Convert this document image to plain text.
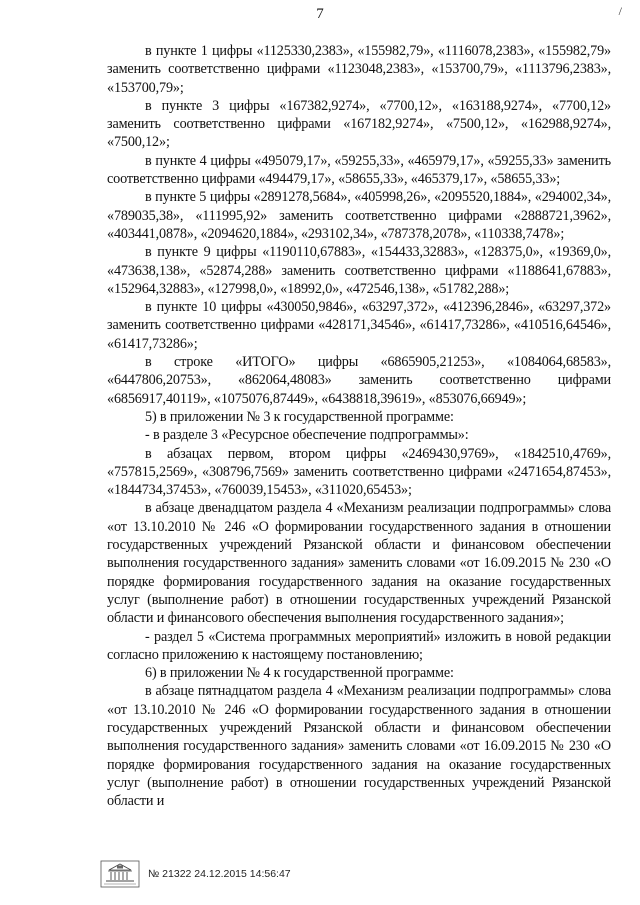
7	/

в пункте 1 цифры «1125330,2383», «155982,79», «1116078,2383», «155982,79» заменить соответственно цифрами «1123048,2383», «153700,79», «1113796,2383», «153700,79»;

в пункте 3 цифры «167382,9274», «7700,12», «163188,9274», «7700,12» заменить соответственно цифрами «167182,9274», «7500,12», «162988,9274», «7500,12»;

в пункте 4 цифры «495079,17», «59255,33», «465979,17», «59255,33» заменить соответственно цифрами «494479,17», «58655,33», «465379,17», «58655,33»;

в пункте 5 цифры «2891278,5684», «405998,26», «2095520,1884», «294002,34», «789035,38», «111995,92» заменить соответственно цифрами «2888721,3962», «403441,0878», «2094620,1884», «293102,34», «787378,2078», «110338,7478»;

в пункте 9 цифры «1190110,67883», «154433,32883», «128375,0», «19369,0», «473638,138», «52874,288» заменить соответственно цифрами «1188641,67883», «152964,32883», «127998,0», «18992,0», «472546,138», «51782,288»;

в пункте 10 цифры «430050,9846», «63297,372», «412396,2846», «63297,372» заменить соответственно цифрами «428171,34546», «61417,73286», «410516,64546», «61417,73286»;

в строке «ИТОГО» цифры «6865905,21253», «1084064,68583», «6447806,20753», «862064,48083» заменить соответственно цифрами «6856917,40119», «1075076,87449», «6438818,39619», «853076,66949»;

5) в приложении № 3 к государственной программе:

- в разделе 3 «Ресурсное обеспечение подпрограммы»:

в абзацах первом, втором цифры «2469430,9769», «1842510,4769», «757815,2569», «308796,7569» заменить соответственно цифрами «2471654,87453», «1844734,37453», «760039,15453», «311020,65453»;

в абзаце двенадцатом раздела 4 «Механизм реализации подпрограммы» слова «от 13.10.2010 № 246 «О формировании государственного задания в отношении государственных учреждений Рязанской области и финансовом обеспечении выполнения государственного задания» заменить словами «от 16.09.2015 № 230 «О порядке формирования государственного задания на оказание государственных услуг (выполнение работ) в отношении государственных учреждений Рязанской области и финансового обеспечения выполнения государственного задания»;

- раздел 5 «Система программных мероприятий» изложить в новой редакции согласно приложению к настоящему постановлению;

6) в приложении № 4 к государственной программе:

в абзаце пятнадцатом раздела 4 «Механизм реализации подпрограммы» слова «от 13.10.2010 № 246 «О формировании государственного задания в отношении государственных учреждений Рязанской области и финансовом обеспечении выполнения государственного задания» заменить словами «от 16.09.2015 № 230 «О порядке формирования государственного задания на оказание государственных услуг (выполнение работ) в отношении государственных учреждений Рязанской области и

№ 21322 24.12.2015 14:56:47
